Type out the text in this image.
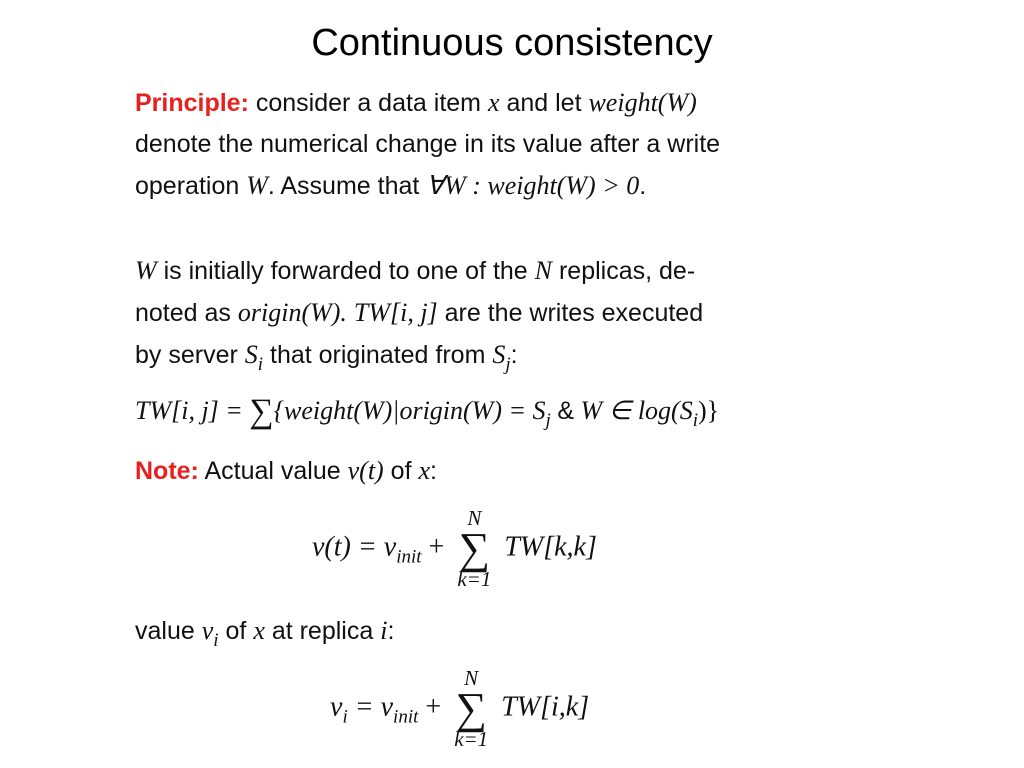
Continuous consistency
Principle: consider a data item x and let weight(W)
denote the numerical change in its value after a write
operation W. Assume that ∀W : weight(W) > 0.
W is initially forwarded to one of the N replicas, de-
noted as origin(W). TW[i, j] are the writes executed
by server $S_i$ that originated from $S_j$:
TW[i, j] = ∑{weight(W)|origin(W) = $S_j$ & W ∈ $\log(S_i)$}
Note: Actual value v(t) of x:
$v(t) = v_{init}$ +
N
∑
k=1
TW[k,k]
value $v_i$ of x at replica i:
$v_i = v_{init}$ +
N
∑
k=1
TW[i,k]
